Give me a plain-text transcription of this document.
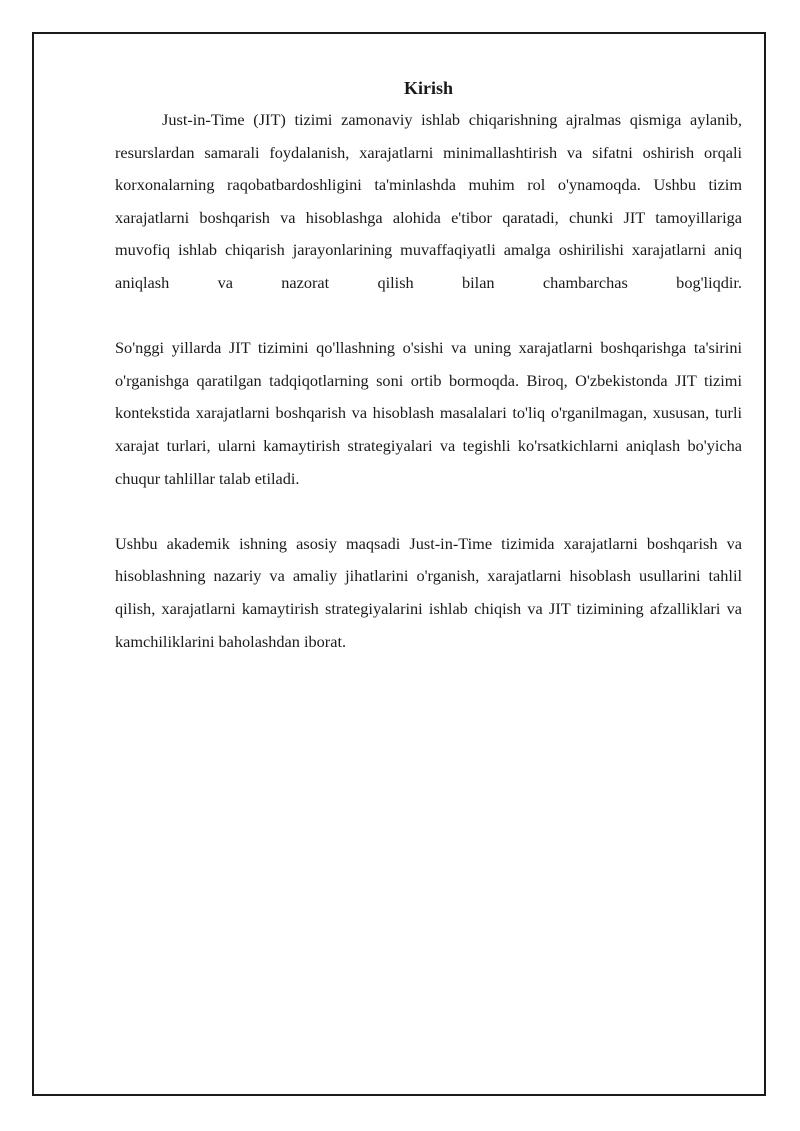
Kirish

Just-in-Time (JIT) tizimi zamonaviy ishlab chiqarishning ajralmas qismiga aylanib, resurslardan samarali foydalanish, xarajatlarni minimallashtirish va sifatni oshirish orqali korxonalarning raqobatbardoshligini ta'minlashda muhim rol o'ynamoqda. Ushbu tizim xarajatlarni boshqarish va hisoblashga alohida e'tibor qaratadi, chunki JIT tamoyillariga muvofiq ishlab chiqarish jarayonlarining muvaffaqiyatli amalga oshirilishi xarajatlarni aniq aniqlash va nazorat qilish bilan chambarchas bog'liqdir.

So'nggi yillarda JIT tizimini qo'llashning o'sishi va uning xarajatlarni boshqarishga ta'sirini o'rganishga qaratilgan tadqiqotlarning soni ortib bormoqda. Biroq, O'zbekistonda JIT tizimi kontekstida xarajatlarni boshqarish va hisoblash masalalari to'liq o'rganilmagan, xususan, turli xarajat turlari, ularni kamaytirish strategiyalari va tegishli ko'rsatkichlarni aniqlash bo'yicha chuqur tahlillar talab etiladi.

Ushbu akademik ishning asosiy maqsadi Just-in-Time tizimida xarajatlarni boshqarish va hisoblashning nazariy va amaliy jihatlarini o'rganish, xarajatlarni hisoblash usullarini tahlil qilish, xarajatlarni kamaytirish strategiyalarini ishlab chiqish va JIT tizimining afzalliklari va kamchiliklarini baholashdan iborat.
